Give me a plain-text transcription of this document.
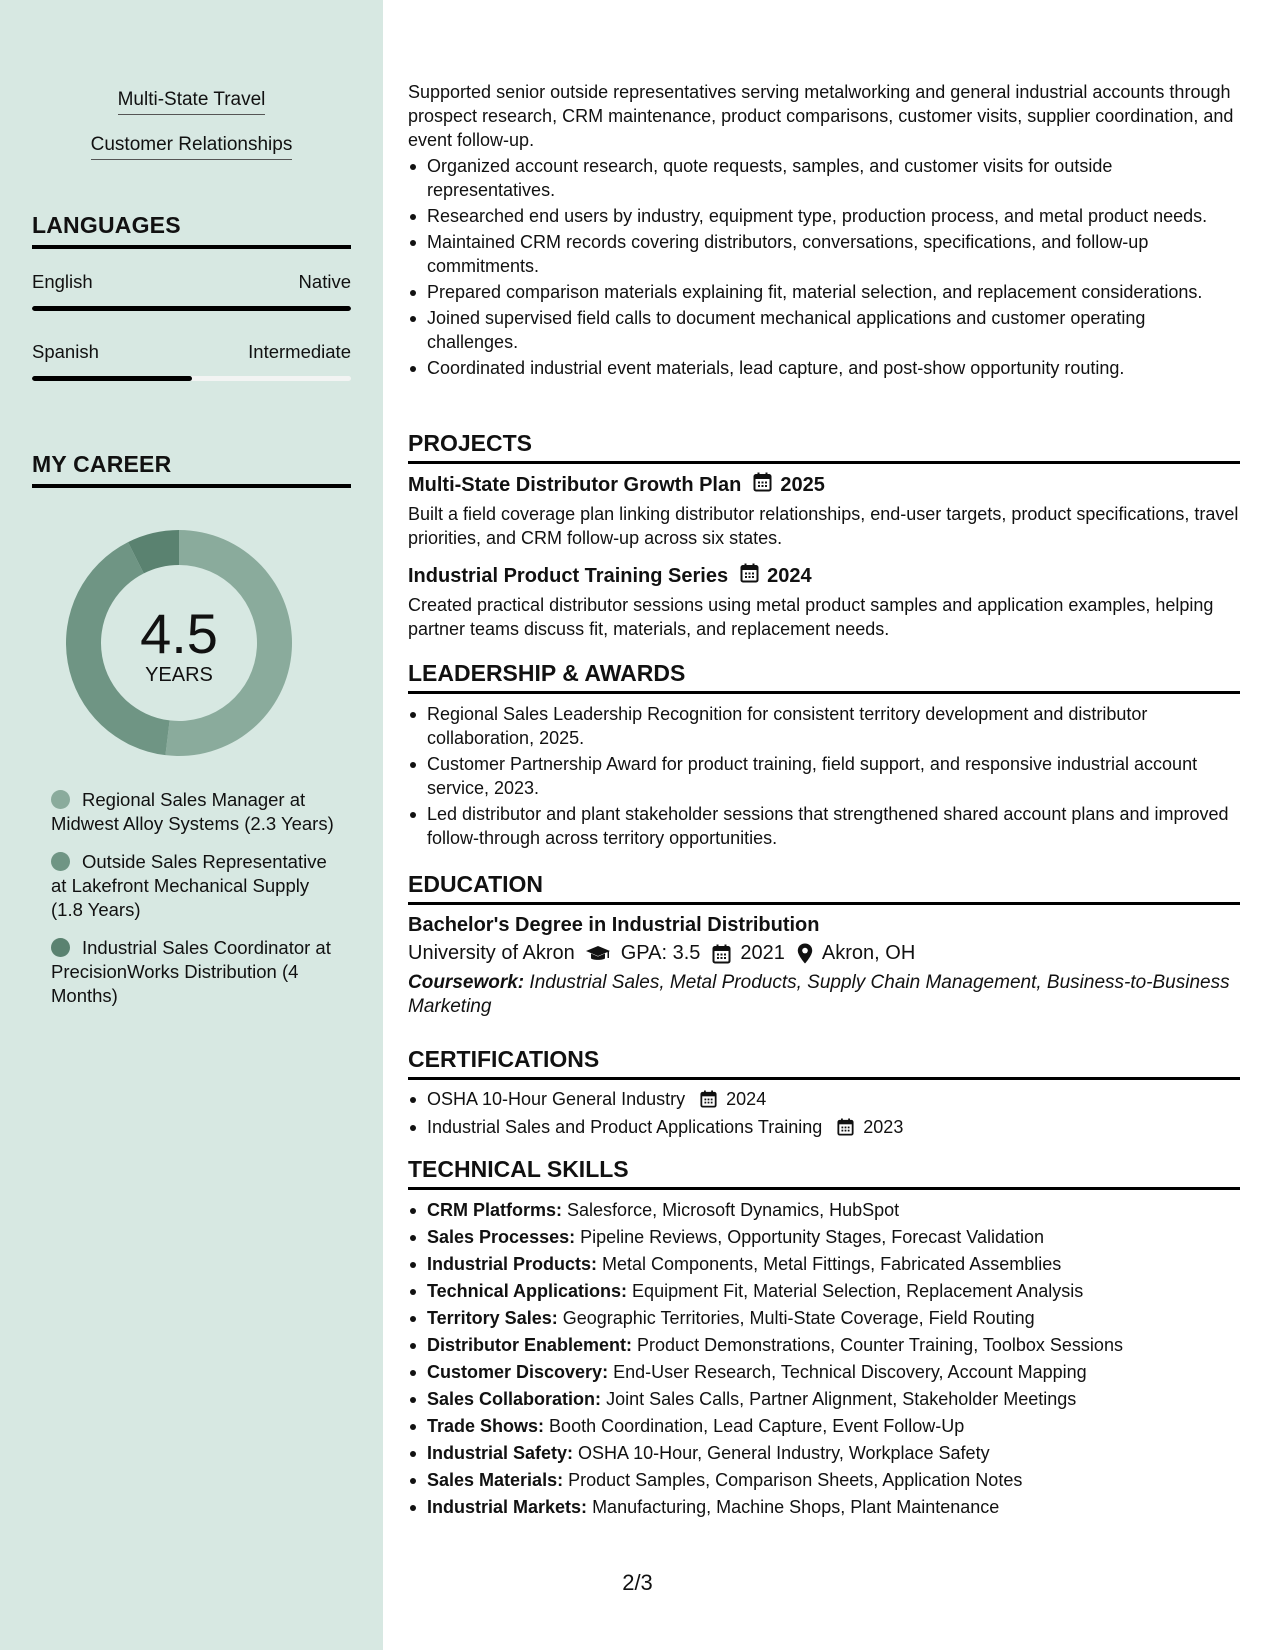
Multi-State Travel
Customer Relationships
LANGUAGES
English	Native
Spanish	Intermediate
MY CAREER
4.5
YEARS
Regional Sales Manager at Midwest Alloy Systems (2.3 Years)
Outside Sales Representative at Lakefront Mechanical Supply (1.8 Years)
Industrial Sales Coordinator at PrecisionWorks Distribution (4 Months)

Supported senior outside representatives serving metalworking and general industrial accounts through prospect research, CRM maintenance, product comparisons, customer visits, supplier coordination, and event follow-up.

Organized account research, quote requests, samples, and customer visits for outside representatives.
Researched end users by industry, equipment type, production process, and metal product needs.
Maintained CRM records covering distributors, conversations, specifications, and follow-up commitments.
Prepared comparison materials explaining fit, material selection, and replacement considerations.
Joined supervised field calls to document mechanical applications and customer operating challenges.
Coordinated industrial event materials, lead capture, and post-show opportunity routing.
PROJECTS
Multi-State Distributor Growth Plan 2025

Built a field coverage plan linking distributor relationships, end-user targets, product specifications, travel priorities, and CRM follow-up across six states.

Industrial Product Training Series 2024

Created practical distributor sessions using metal product samples and application examples, helping partner teams discuss fit, materials, and replacement needs.

LEADERSHIP & AWARDS
Regional Sales Leadership Recognition for consistent territory development and distributor collaboration, 2025.
Customer Partnership Award for product training, field support, and responsive industrial account service, 2023.
Led distributor and plant stakeholder sessions that strengthened shared account plans and improved follow-through across territory opportunities.
EDUCATION
Bachelor's Degree in Industrial Distribution
University of Akron GPA: 3.5 2021 Akron, OH

Coursework: Industrial Sales, Metal Products, Supply Chain Management, Business-to-Business Marketing

CERTIFICATIONS
OSHA 10-Hour General Industry 2024
Industrial Sales and Product Applications Training 2023
TECHNICAL SKILLS
CRM Platforms: Salesforce, Microsoft Dynamics, HubSpot
Sales Processes: Pipeline Reviews, Opportunity Stages, Forecast Validation
Industrial Products: Metal Components, Metal Fittings, Fabricated Assemblies
Technical Applications: Equipment Fit, Material Selection, Replacement Analysis
Territory Sales: Geographic Territories, Multi-State Coverage, Field Routing
Distributor Enablement: Product Demonstrations, Counter Training, Toolbox Sessions
Customer Discovery: End-User Research, Technical Discovery, Account Mapping
Sales Collaboration: Joint Sales Calls, Partner Alignment, Stakeholder Meetings
Trade Shows: Booth Coordination, Lead Capture, Event Follow-Up
Industrial Safety: OSHA 10-Hour, General Industry, Workplace Safety
Sales Materials: Product Samples, Comparison Sheets, Application Notes
Industrial Markets: Manufacturing, Machine Shops, Plant Maintenance
2/3
